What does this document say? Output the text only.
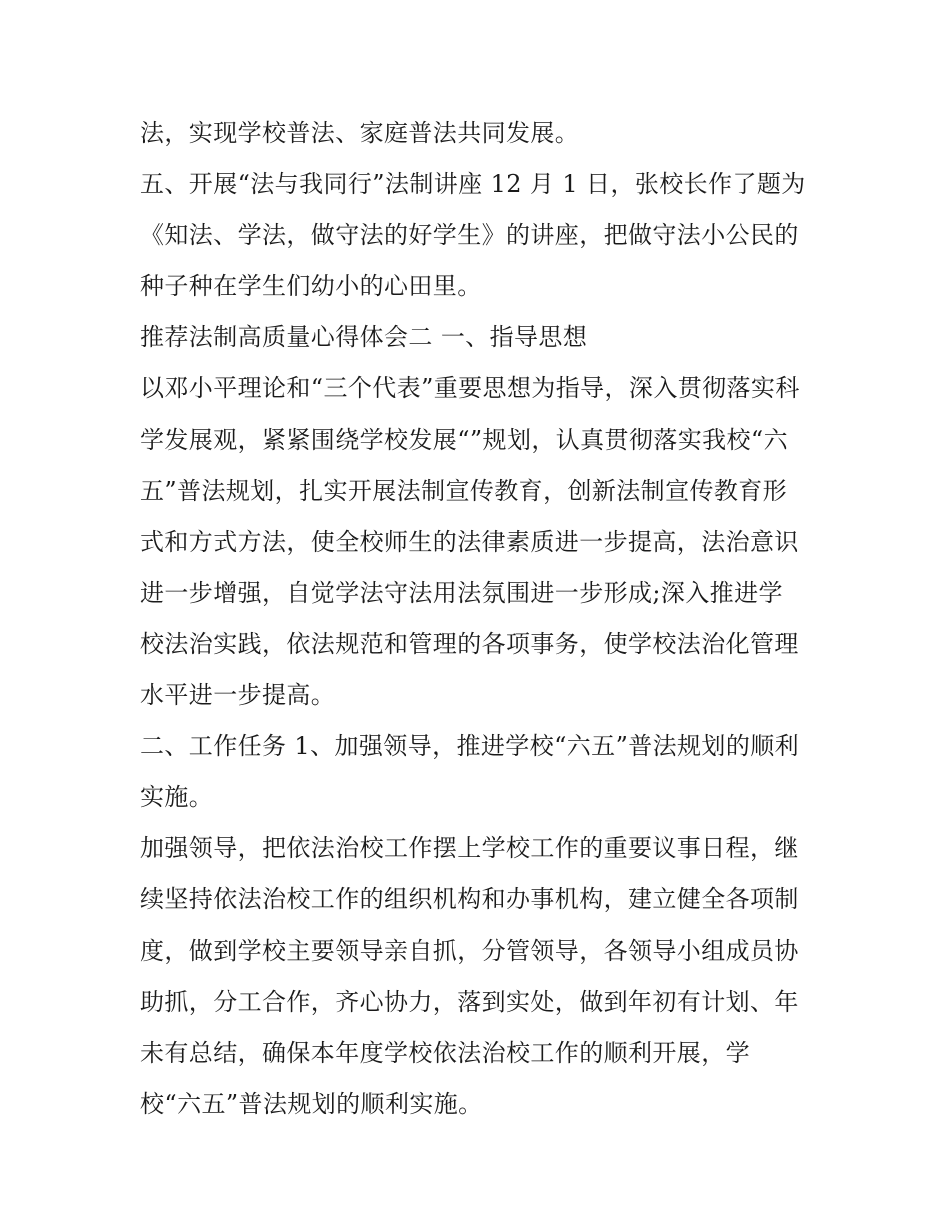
法，实现学校普法、家庭普法共同发展。
五、开展“法与我同行”法制讲座 12 月 1 日，张校长作了题为
《知法、学法，做守法的好学生》的讲座，把做守法小公民的
种子种在学生们幼小的心田里。
推荐法制高质量心得体会二 一、指导思想
以邓小平理论和“三个代表”重要思想为指导，深入贯彻落实科
学发展观，紧紧围绕学校发展“”规划，认真贯彻落实我校“六
五”普法规划，扎实开展法制宣传教育，创新法制宣传教育形
式和方式方法，使全校师生的法律素质进一步提高，法治意识
进一步增强，自觉学法守法用法氛围进一步形成;深入推进学
校法治实践，依法规范和管理的各项事务，使学校法治化管理
水平进一步提高。
二、工作任务 1、加强领导，推进学校“六五”普法规划的顺利
实施。
加强领导，把依法治校工作摆上学校工作的重要议事日程，继
续坚持依法治校工作的组织机构和办事机构，建立健全各项制
度，做到学校主要领导亲自抓，分管领导，各领导小组成员协
助抓，分工合作，齐心协力，落到实处，做到年初有计划、年
未有总结，确保本年度学校依法治校工作的顺利开展，学
校“六五”普法规划的顺利实施。
